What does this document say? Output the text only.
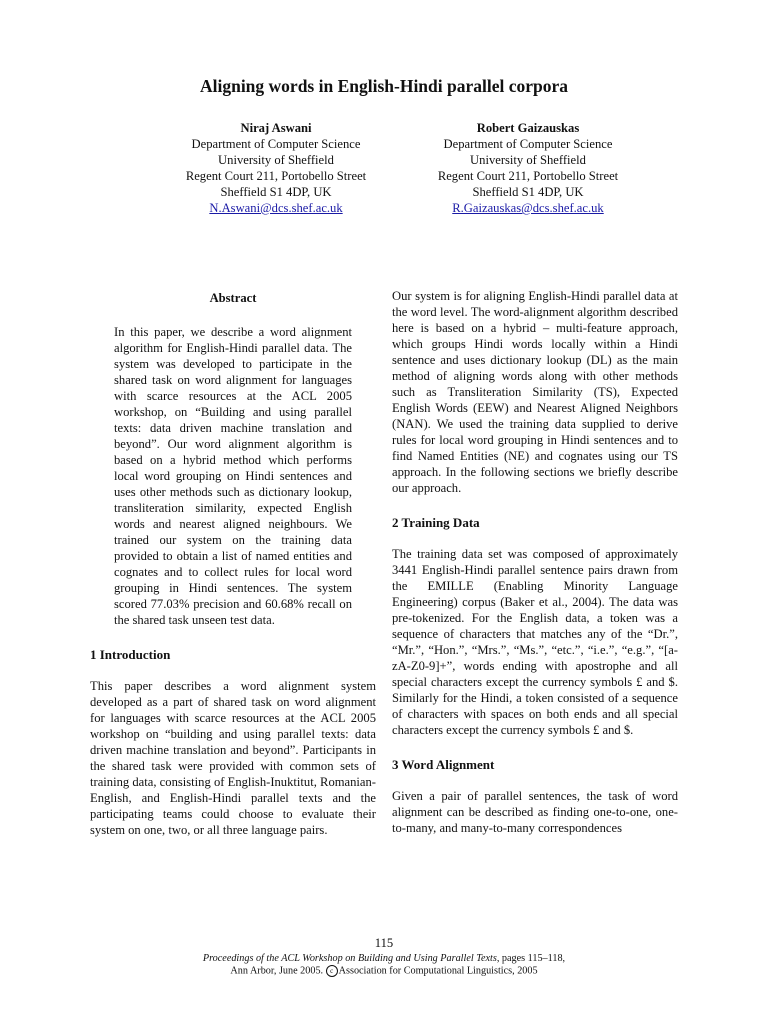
Aligning words in English-Hindi parallel corpora
Niraj Aswani
Department of Computer Science
University of Sheffield
Regent Court 211, Portobello Street
Sheffield S1 4DP, UK
N.Aswani@dcs.shef.ac.uk
Robert Gaizauskas
Department of Computer Science
University of Sheffield
Regent Court 211, Portobello Street
Sheffield S1 4DP, UK
R.Gaizauskas@dcs.shef.ac.uk
Abstract

In this paper, we describe a word alignment algorithm for English-Hindi parallel data. The system was developed to participate in the shared task on word alignment for languages with scarce resources at the ACL 2005 workshop, on “Building and using parallel texts: data driven machine translation and beyond”. Our word alignment algorithm is based on a hybrid method which performs local word grouping on Hindi sentences and uses other methods such as dictionary lookup, transliteration similarity, expected English words and nearest aligned neighbours. We trained our system on the training data provided to obtain a list of named entities and cognates and to collect rules for local word grouping in Hindi sentences. The system scored 77.03% precision and 60.68% recall on the shared task unseen test data.

1 Introduction

This paper describes a word alignment system developed as a part of shared task on word alignment for languages with scarce resources at the ACL 2005 workshop on “building and using parallel texts: data driven machine translation and beyond”. Participants in the shared task were provided with common sets of training data, consisting of English-Inuktitut, Romanian-English, and English-Hindi parallel texts and the participating teams could choose to evaluate their system on one, two, or all three language pairs.

Our system is for aligning English-Hindi parallel data at the word level. The word-alignment algorithm described here is based on a hybrid – multi-feature approach, which groups Hindi words locally within a Hindi sentence and uses dictionary lookup (DL) as the main method of aligning words along with other methods such as Transliteration Similarity (TS), Expected English Words (EEW) and Nearest Aligned Neighbors (NAN). We used the training data supplied to derive rules for local word grouping in Hindi sentences and to find Named Entities (NE) and cognates using our TS approach. In the following sections we briefly describe our approach.

2 Training Data

The training data set was composed of approximately 3441 English-Hindi parallel sentence pairs drawn from the EMILLE (Enabling Minority Language Engineering) corpus (Baker et al., 2004). The data was pre-tokenized. For the English data, a token was a sequence of characters that matches any of the “Dr.”, “Mr.”, “Hon.”, “Mrs.”, “Ms.”, “etc.”, “i.e.”, “e.g.”, “[a-zA-Z0-9]+”, words ending with apostrophe and all special characters except the currency symbols £ and $. Similarly for the Hindi, a token consisted of a sequence of characters with spaces on both ends and all special characters except the currency symbols £ and $.

3 Word Alignment

Given a pair of parallel sentences, the task of word alignment can be described as finding one-to-one, one-to-many, and many-to-many correspondences

115
Proceedings of the ACL Workshop on Building and Using Parallel Texts, pages 115–118,
Ann Arbor, June 2005. c Association for Computational Linguistics, 2005
